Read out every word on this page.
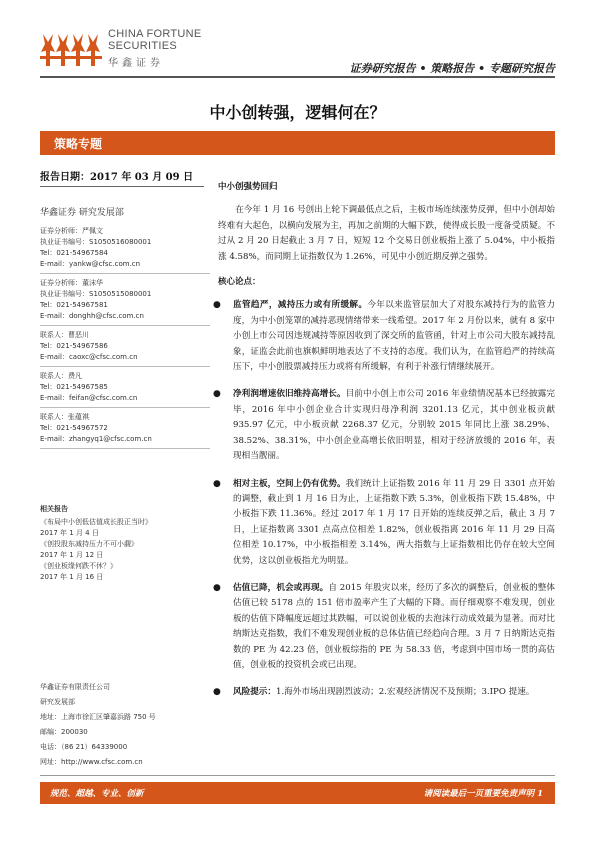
CHINA FORTUNE
SECURITIES
华鑫证券	证券研究报告 • 策略报告 • 专题研究报告
中小创转强，逻辑何在？
策略专题
报告日期：2017 年 03 月 09 日
华鑫证券 研究发展部
证券分析师：严佩文
执业证书编号：S1050516080001
Tel：021-54967584
E-mail：yankw@cfsc.com.cn
证券分析师：董沫华
执业证书编号：S1050515080001
Tel：021-54967581
E-mail：donghh@cfsc.com.cn
联系人：曹恶川
Tel：021-54967586
E-mail：caoxc@cfsc.com.cn
联系人：费凡
Tel：021-54967585
E-mail：feifan@cfsc.com.cn
联系人：张蕴祺
Tel：021-54967572
E-mail：zhangyq1@cfsc.com.cn
相关报告
《布局中小创低估值成长股正当时》
2017 年 1 月 4 日
《创投股东减持压力不可小觑》
2017 年 1 月 12 日
《创业板缘何跌不休？》
2017 年 1 月 16 日
华鑫证券有限责任公司
研究发展部
地址：上海市徐汇区肇嘉浜路 750 号
邮编：200030
电话：（86 21）64339000
网址：http://www.cfsc.com.cn
中小创强势回归

在今年 1 月 16 号创出上轮下调最低点之后，主板市场连续涨势反弹，但中小创却始终难有大起色，以横向发展为主，再加之前期的大幅下跌，使得成长股一度备受质疑。不过从 2 月 20 日起截止 3 月 7 日，短短 12 个交易日创业板指上涨了 5.04%，中小板指涨 4.58%，而同期上证指数仅为 1.26%，可见中小创近期反弹之强势。

核心论点：
● 监管趋严，减持压力或有所缓解。今年以来监管层加大了对股东减持行为的监管力度，为中小创笼罩的减持恶现情绪带来一线希望。2017 年 2 月份以来，就有 8 家中小创上市公司因违规减持等原因收到了深交所的监管函，针对上市公司大股东减持乱象，证监会此前也旗帜鲜明地表达了不支持的态度。我们认为，在监管趋严的持续高压下，中小创股票减持压力或将有所缓解，有利于补涨行情继续展开。
● 净利润增速依旧维持高增长。目前中小创上市公司 2016 年业绩情况基本已经披露完毕，2016 年中小创企业合计实现归母净利润 3201.13 亿元，其中创业板贡献 935.97 亿元，中小板贡献 2268.37 亿元，分别较 2015 年同比上涨 38.29%、38.52%、38.31%，中小创企业高增长依旧明显，相对于经济放缓的 2016 年，表现相当靓丽。
● 相对主板，空间上仍有优势。我们统计上证指数 2016 年 11 月 29 日 3301 点开始的调整，截止到 1 月 16 日为止，上证指数下跌 5.3%，创业板指下跌 15.48%，中小板指下跌 11.36%。经过 2017 年 1 月 17 日开始的连续反弹之后，截止 3 月 7 日，上证指数离 3301 点高点位相差 1.82%，创业板指离 2016 年 11 月 29 日高位相差 10.17%，中小板指相差 3.14%，两大指数与上证指数相比仍存在较大空间优势，这以创业板指尤为明显。
● 估值已降，机会或再现。自 2015 年股灾以来，经历了多次的调整后，创业板的整体估值已较 5178 点的 151 倍市盈率产生了大幅的下降。而仔细观察不难发现，创业板的估值下降幅度远超过其跌幅，可以说创业板的去泡沫行动成效最为显著。而对比纳斯达克指数，我们不难发现创业板的总体估值已经趋向合理。3 月 7 日纳斯达克指数的 PE 为 42.23 倍，创业板综指的 PE 为 58.33 倍，考虑到中国市场一贯的高估值，创业板的投资机会或已出现。
● 风险提示：1.海外市场出现剧烈波动；2.宏观经济情况不及预期；3.IPO 提速。
规范、超越、专业、创新	请阅读最后一页重要免责声明 1
